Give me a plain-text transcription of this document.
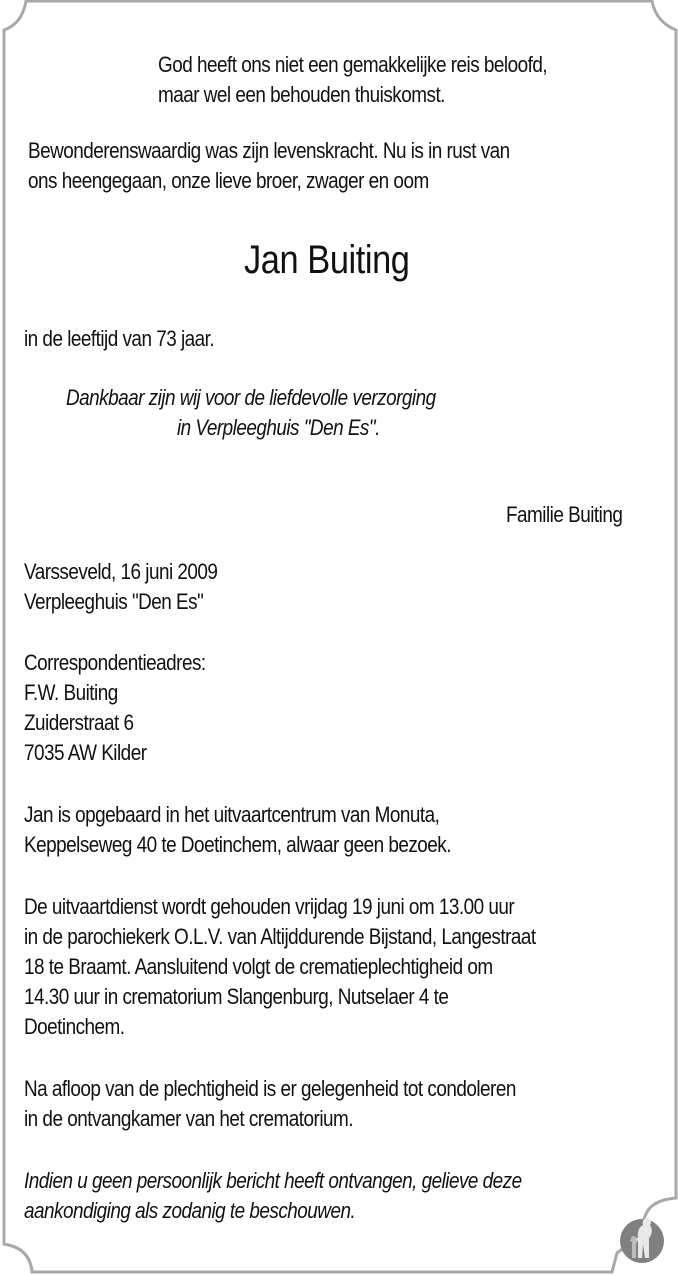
God heeft ons niet een gemakkelijke reis beloofd,
maar wel een behouden thuiskomst.
Bewonderenswaardig was zijn levenskracht. Nu is in rust van
ons heengegaan, onze lieve broer, zwager en oom
Jan Buiting
in de leeftijd van 73 jaar.
Dankbaar zijn wij voor de liefdevolle verzorging
in Verpleeghuis "Den Es".
Familie Buiting
Varsseveld, 16 juni 2009
Verpleeghuis "Den Es"
Correspondentieadres:
F.W. Buiting
Zuiderstraat 6
7035 AW Kilder
Jan is opgebaard in het uitvaartcentrum van Monuta,
Keppelseweg 40 te Doetinchem, alwaar geen bezoek.
De uitvaartdienst wordt gehouden vrijdag 19 juni om 13.00 uur
in de parochiekerk O.L.V. van Altijddurende Bijstand, Langestraat
18 te Braamt. Aansluitend volgt de crematieplechtigheid om
14.30 uur in crematorium Slangenburg, Nutselaer 4 te
Doetinchem.
Na afloop van de plechtigheid is er gelegenheid tot condoleren
in de ontvangkamer van het crematorium.
Indien u geen persoonlijk bericht heeft ontvangen, gelieve deze
aankondiging als zodanig te beschouwen.
